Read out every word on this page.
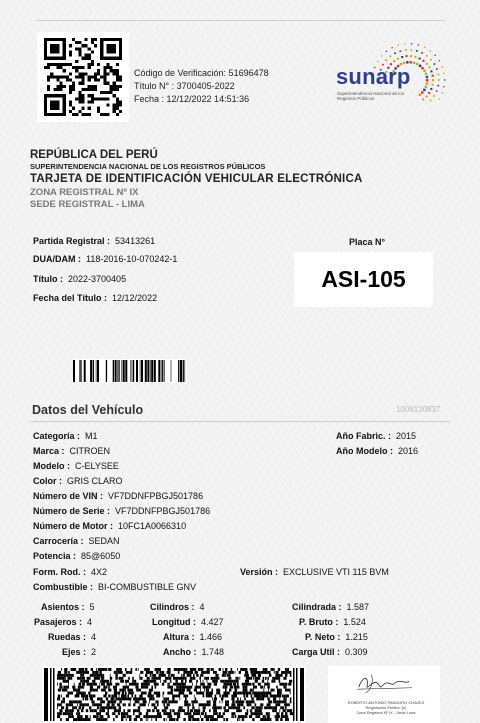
Código de Verificación: 51696478
Título N° : 3700405-2022
Fecha : 12/12/2022 14:51:36
sunarp
Superintendencia Nacional de los Registros Públicos
REPÚBLICA DEL PERÚ
SUPERINTENDENCIA NACIONAL DE LOS REGISTROS PÚBLICOS
TARJETA DE IDENTIFICACIÓN VEHICULAR ELECTRÓNICA
ZONA REGISTRAL Nº IX
SEDE REGISTRAL - LIMA
Partida Registral : 53413261
DUA/DAM : 118-2016-10-070242-1
Título : 2022-3700405
Fecha del Título : 12/12/2022
Placa N°
ASI-105
Datos del Vehículo	1008130837
Categoría : M1
Marca : CITROEN
Modelo : C-ELYSEE
Color : GRIS CLARO
Número de VIN : VF7DDNFPBGJ501786
Número de Serie : VF7DDNFPBGJ501786
Número de Motor : 10FC1A0066310
Carrocería : SEDAN
Potencia : 85@6050
Form. Rod. : 4X2	Versión : EXCLUSIVE VTI 115 BVM
Combustible : BI-COMBUSTIBLE GNV
Año Fabric. : 2015
Año Modelo : 2016
Asientos : 5
Pasajeros : 4
Ruedas : 4
Ejes : 2
Cilindros : 4
Longitud : 4.427
Altura : 1.466
Ancho : 1.748
Cilindrada : 1.587
P. Bruto : 1.524
P. Neto : 1.215
Carga Util : 0.309
ROBERTO ANTONIO PANDURO CHAVEZ
Registrador Público (e)
Zona Registral Nº IX - Sede Lima
